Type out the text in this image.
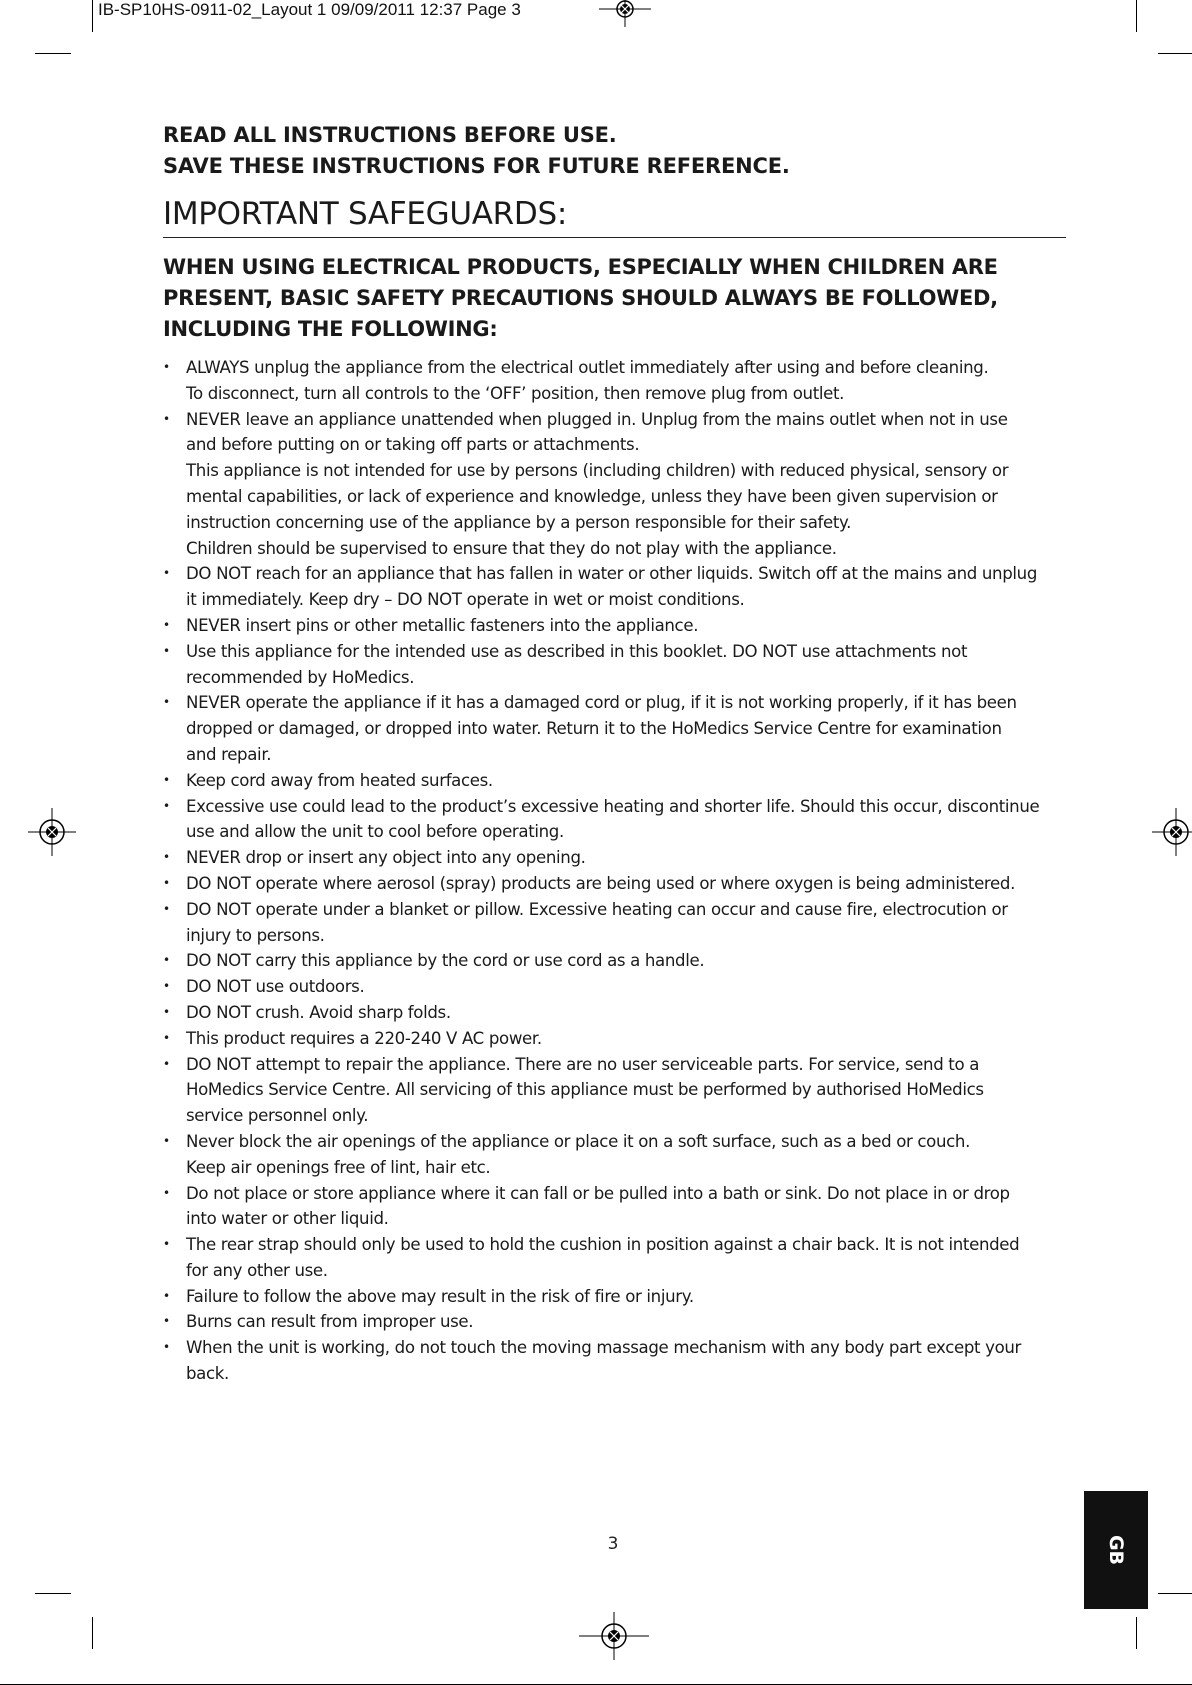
IB-SP10HS-0911-02_Layout 1 09/09/2011 12:37 Page 3
READ ALL INSTRUCTIONS BEFORE USE.
SAVE THESE INSTRUCTIONS FOR FUTURE REFERENCE.
IMPORTANT SAFEGUARDS:
WHEN USING ELECTRICAL PRODUCTS, ESPECIALLY WHEN CHILDREN ARE
PRESENT, BASIC SAFETY PRECAUTIONS SHOULD ALWAYS BE FOLLOWED,
INCLUDING THE FOLLOWING:
• ALWAYS unplug the appliance from the electrical outlet immediately after using and before cleaning.
To disconnect, turn all controls to the ‘OFF’ position, then remove plug from outlet.
• NEVER leave an appliance unattended when plugged in. Unplug from the mains outlet when not in use
and before putting on or taking off parts or attachments.
This appliance is not intended for use by persons (including children) with reduced physical, sensory or
mental capabilities, or lack of experience and knowledge, unless they have been given supervision or
instruction concerning use of the appliance by a person responsible for their safety.
Children should be supervised to ensure that they do not play with the appliance.
• DO NOT reach for an appliance that has fallen in water or other liquids. Switch off at the mains and unplug
it immediately. Keep dry – DO NOT operate in wet or moist conditions.
• NEVER insert pins or other metallic fasteners into the appliance.
• Use this appliance for the intended use as described in this booklet. DO NOT use attachments not
recommended by HoMedics.
• NEVER operate the appliance if it has a damaged cord or plug, if it is not working properly, if it has been
dropped or damaged, or dropped into water. Return it to the HoMedics Service Centre for examination
and repair.
• Keep cord away from heated surfaces.
• Excessive use could lead to the product’s excessive heating and shorter life. Should this occur, discontinue
use and allow the unit to cool before operating.
• NEVER drop or insert any object into any opening.
• DO NOT operate where aerosol (spray) products are being used or where oxygen is being administered.
• DO NOT operate under a blanket or pillow. Excessive heating can occur and cause fire, electrocution or
injury to persons.
• DO NOT carry this appliance by the cord or use cord as a handle.
• DO NOT use outdoors.
• DO NOT crush. Avoid sharp folds.
• This product requires a 220-240 V AC power.
• DO NOT attempt to repair the appliance. There are no user serviceable parts. For service, send to a
HoMedics Service Centre. All servicing of this appliance must be performed by authorised HoMedics
service personnel only.
• Never block the air openings of the appliance or place it on a soft surface, such as a bed or couch.
Keep air openings free of lint, hair etc.
• Do not place or store appliance where it can fall or be pulled into a bath or sink. Do not place in or drop
into water or other liquid.
• The rear strap should only be used to hold the cushion in position against a chair back. It is not intended
for any other use.
• Failure to follow the above may result in the risk of fire or injury.
• Burns can result from improper use.
• When the unit is working, do not touch the moving massage mechanism with any body part except your
back.
3	GB
